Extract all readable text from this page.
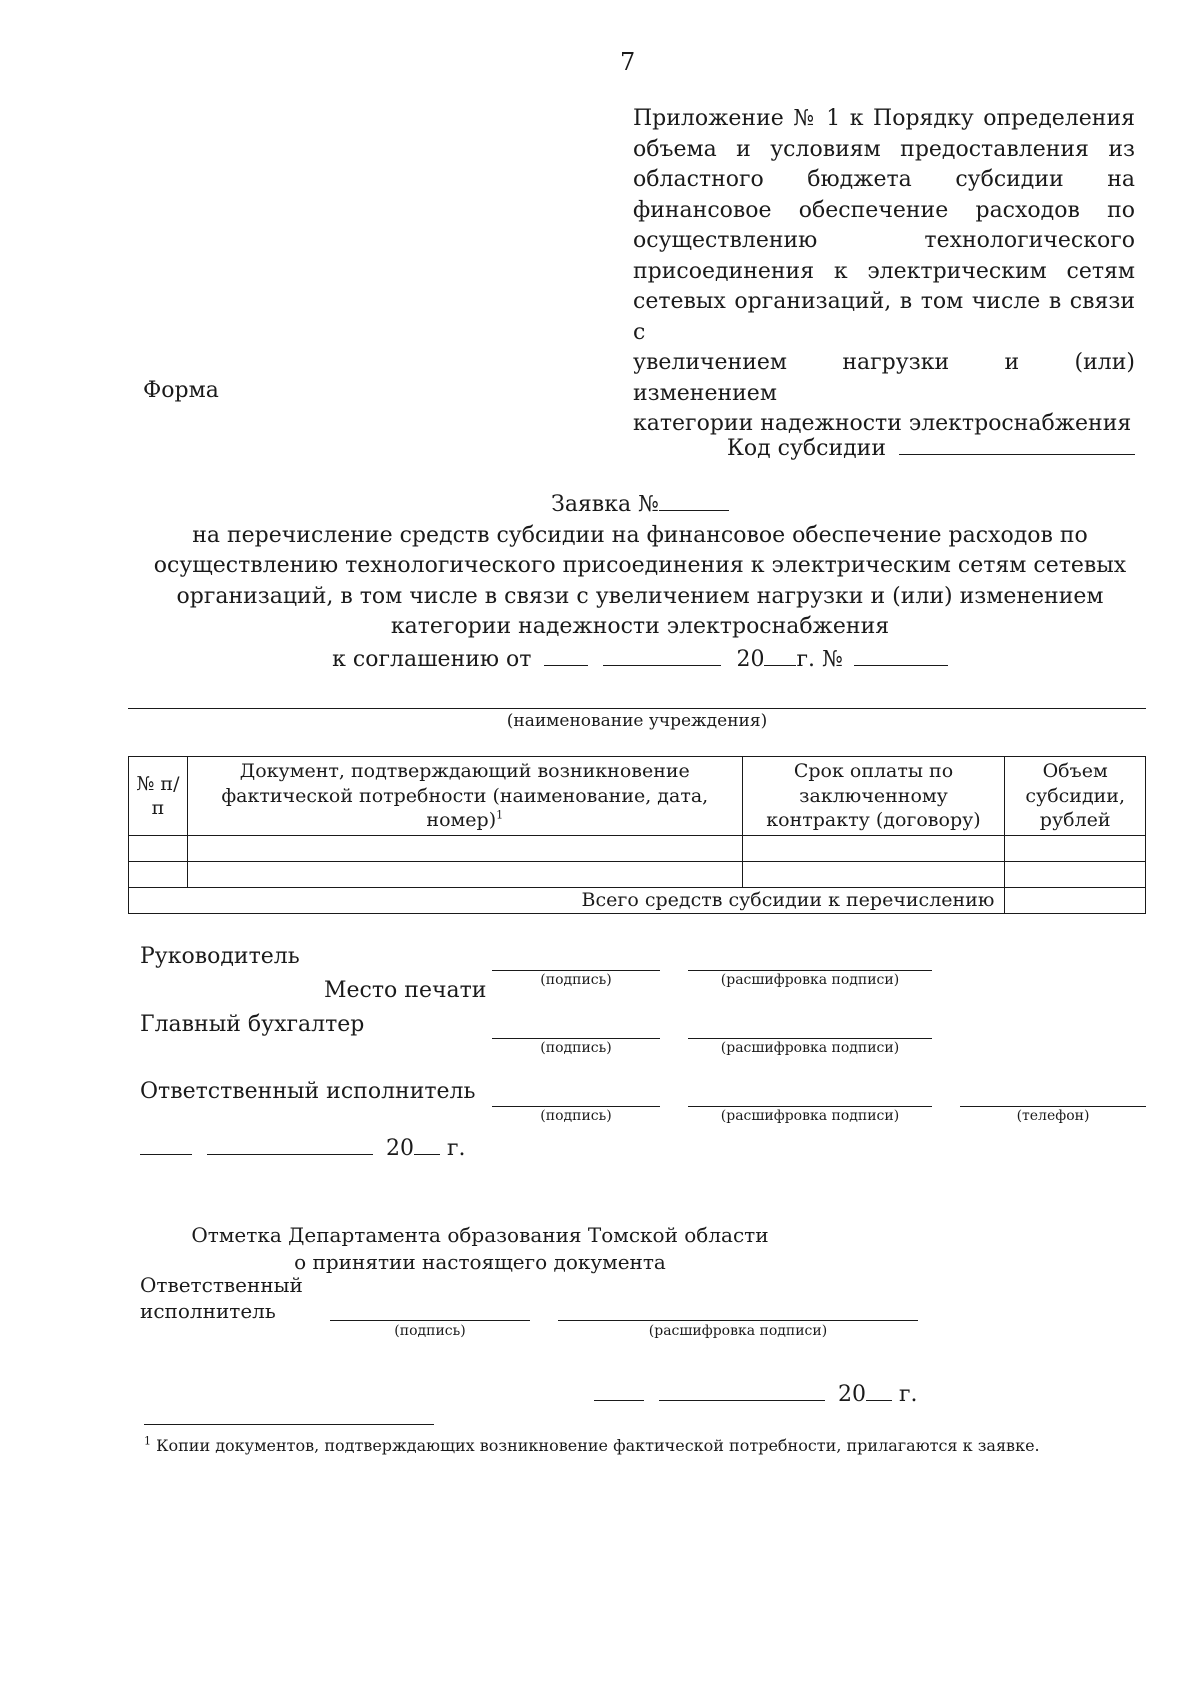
7
Приложение № 1 к Порядку определения
объема и условиям предоставления из
областного бюджета субсидии на
финансовое обеспечение расходов по
осуществлению технологического
присоединения к электрическим сетям
сетевых организаций, в том числе в связи с
увеличением нагрузки и (или) изменением
категории надежности электроснабжения
Форма
Код субсидии
Заявка №
на перечисление средств субсидии на финансовое обеспечение расходов по
осуществлению технологического присоединения к электрическим сетям сетевых
организаций, в том числе в связи с увеличением нагрузки и (или) изменением
категории надежности электроснабжения
к соглашению от	20 г. №
(наименование учреждения)
№ п/п	Документ, подтверждающий возникновение фактической потребности (наименование, дата, номер)$^1$	Срок оплаты по заключенному контракту (договору)	Объем субсидии, рублей

Всего средств субсидии к перечислению			
Руководитель
(подпись)	(расшифровка подписи)
Место печати
Главный бухгалтер
(подпись)	(расшифровка подписи)
Ответственный исполнитель
(подпись)	(расшифровка подписи)	(телефон)
20 г.
Отметка Департамента образования Томской области
о принятии настоящего документа
Ответственный
исполнитель
(подпись)	(расшифровка подписи)
20 г.
$^1$ Копии документов, подтверждающих возникновение фактической потребности, прилагаются к заявке.
